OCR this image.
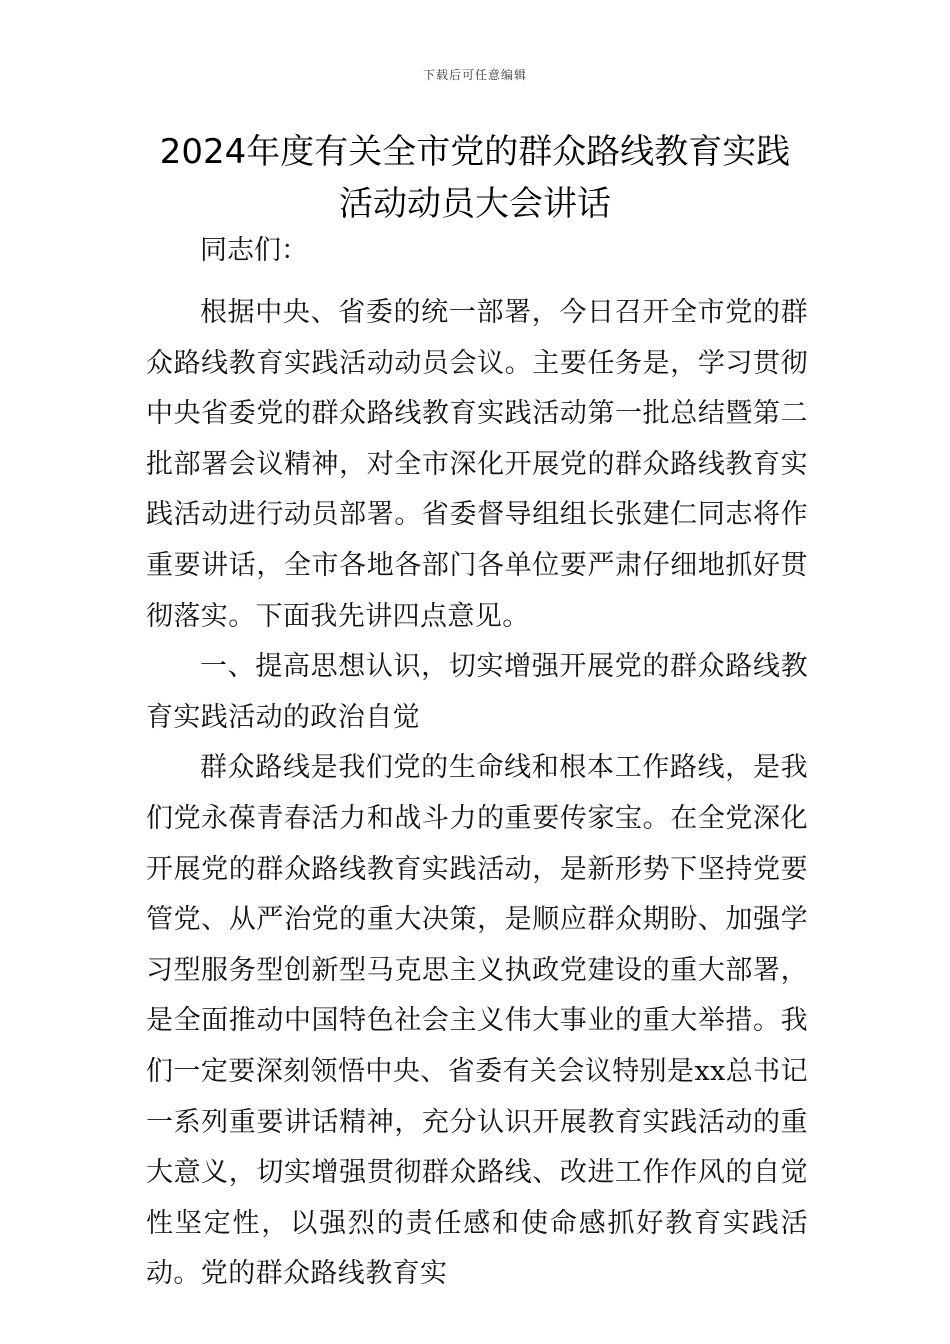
下载后可任意编辑
2024年度有关全市党的群众路线教育实践
活动动员大会讲话

同志们：

根据中央、省委的统一部署，今日召开全市党的群众路线教育实践活动动员会议。主要任务是，学习贯彻中央省委党的群众路线教育实践活动第一批总结暨第二批部署会议精神，对全市深化开展党的群众路线教育实践活动进行动员部署。省委督导组组长张建仁同志将作重要讲话，全市各地各部门各单位要严肃仔细地抓好贯彻落实。下面我先讲四点意见。

一、提高思想认识，切实增强开展党的群众路线教育实践活动的政治自觉

群众路线是我们党的生命线和根本工作路线，是我们党永葆青春活力和战斗力的重要传家宝。在全党深化开展党的群众路线教育实践活动，是新形势下坚持党要管党、从严治党的重大决策，是顺应群众期盼、加强学习型服务型创新型马克思主义执政党建设的重大部署，是全面推动中国特色社会主义伟大事业的重大举措。我们一定要深刻领悟中央、省委有关会议特别是xx总书记一系列重要讲话精神，充分认识开展教育实践活动的重大意义，切实增强贯彻群众路线、改进工作作风的自觉性坚定性，以强烈的责任感和使命感抓好教育实践活动。党的群众路线教育实
